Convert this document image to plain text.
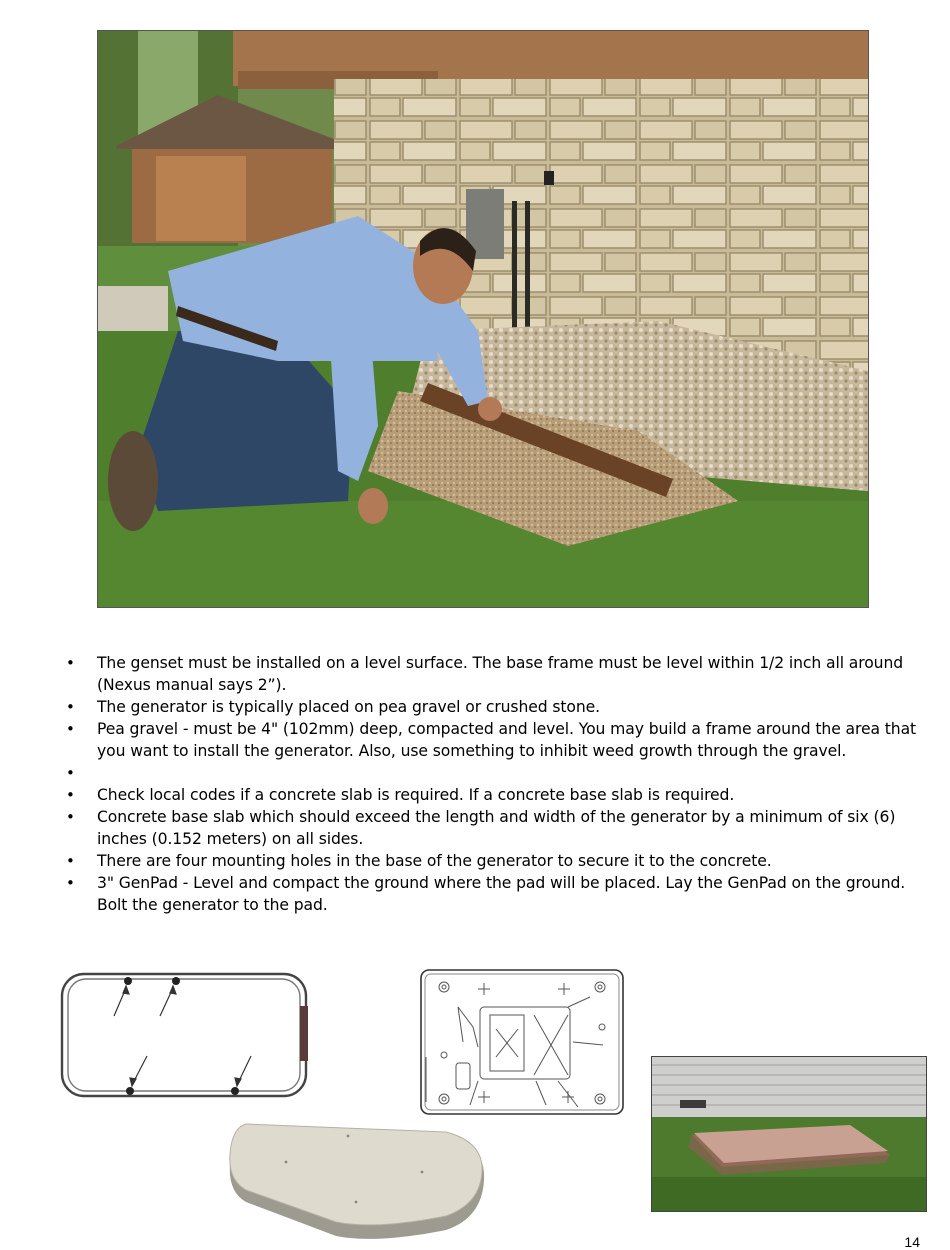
• The genset must be installed on a level surface. The base frame must be level within 1/2 inch all around (Nexus manual says 2”).
• The generator is typically placed on pea gravel or crushed stone.
• Pea gravel - must be 4" (102mm) deep, compacted and level. You may build a frame around the area that you want to install the generator. Also, use something to inhibit weed growth through the gravel.
•
• Check local codes if a concrete slab is required. If a concrete base slab is required.
• Concrete base slab which should exceed the length and width of the generator by a minimum of six (6) inches (0.152 meters) on all sides.
• There are four mounting holes in the base of the generator to secure it to the concrete.
• 3" GenPad - Level and compact the ground where the pad will be placed. Lay the GenPad on the ground. Bolt the generator to the pad.
14
